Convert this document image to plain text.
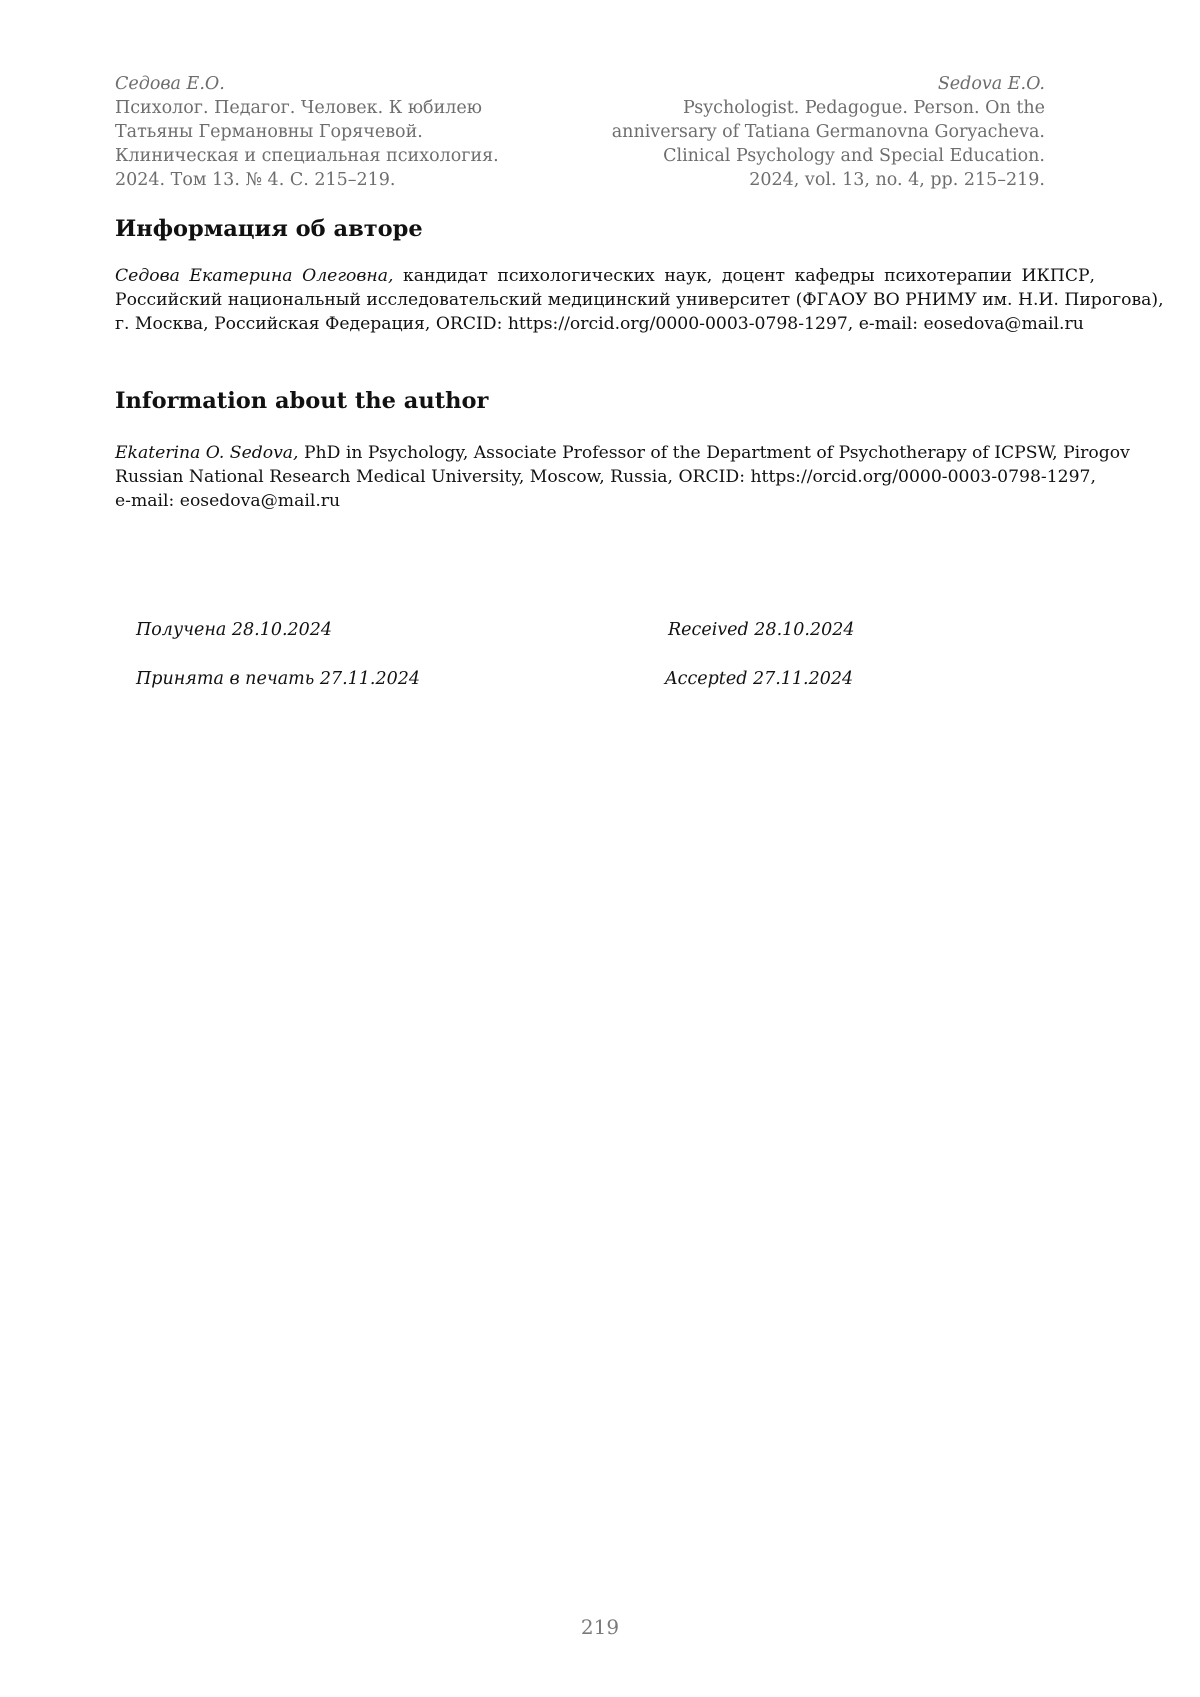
Седова Е.О.
Психолог. Педагог. Человек. К юбилею
Татьяны Германовны Горячевой.
Клиническая и специальная психология.
2024. Том 13. № 4. С. 215–219.
Sedova E.O.
Psychologist. Pedagogue. Person. On the
anniversary of Tatiana Germanovna Goryacheva.
Clinical Psychology and Special Education.
2024, vol. 13, no. 4, pp. 215–219.
Информация об авторе
Седова Екатерина Олеговна, кандидат психологических наук, доцент кафедры психотерапии ИКПСР,
Российский национальный исследовательский медицинский университет (ФГАОУ ВО РНИМУ им. Н.И. Пирогова),
г. Москва, Российская Федерация, ORCID: https://orcid.org/0000-0003-0798-1297, e-mail: eosedova@mail.ru
Information about the author
Ekaterina O. Sedova, PhD in Psychology, Associate Professor of the Department of Psychotherapy of ICPSW, Pirogov
Russian National Research Medical University, Moscow, Russia, ORCID: https://orcid.org/0000-0003-0798-1297,
e-mail: eosedova@mail.ru
Получена 28.10.2024
Принята в печать 27.11.2024
Received 28.10.2024
Accepted 27.11.2024
219
